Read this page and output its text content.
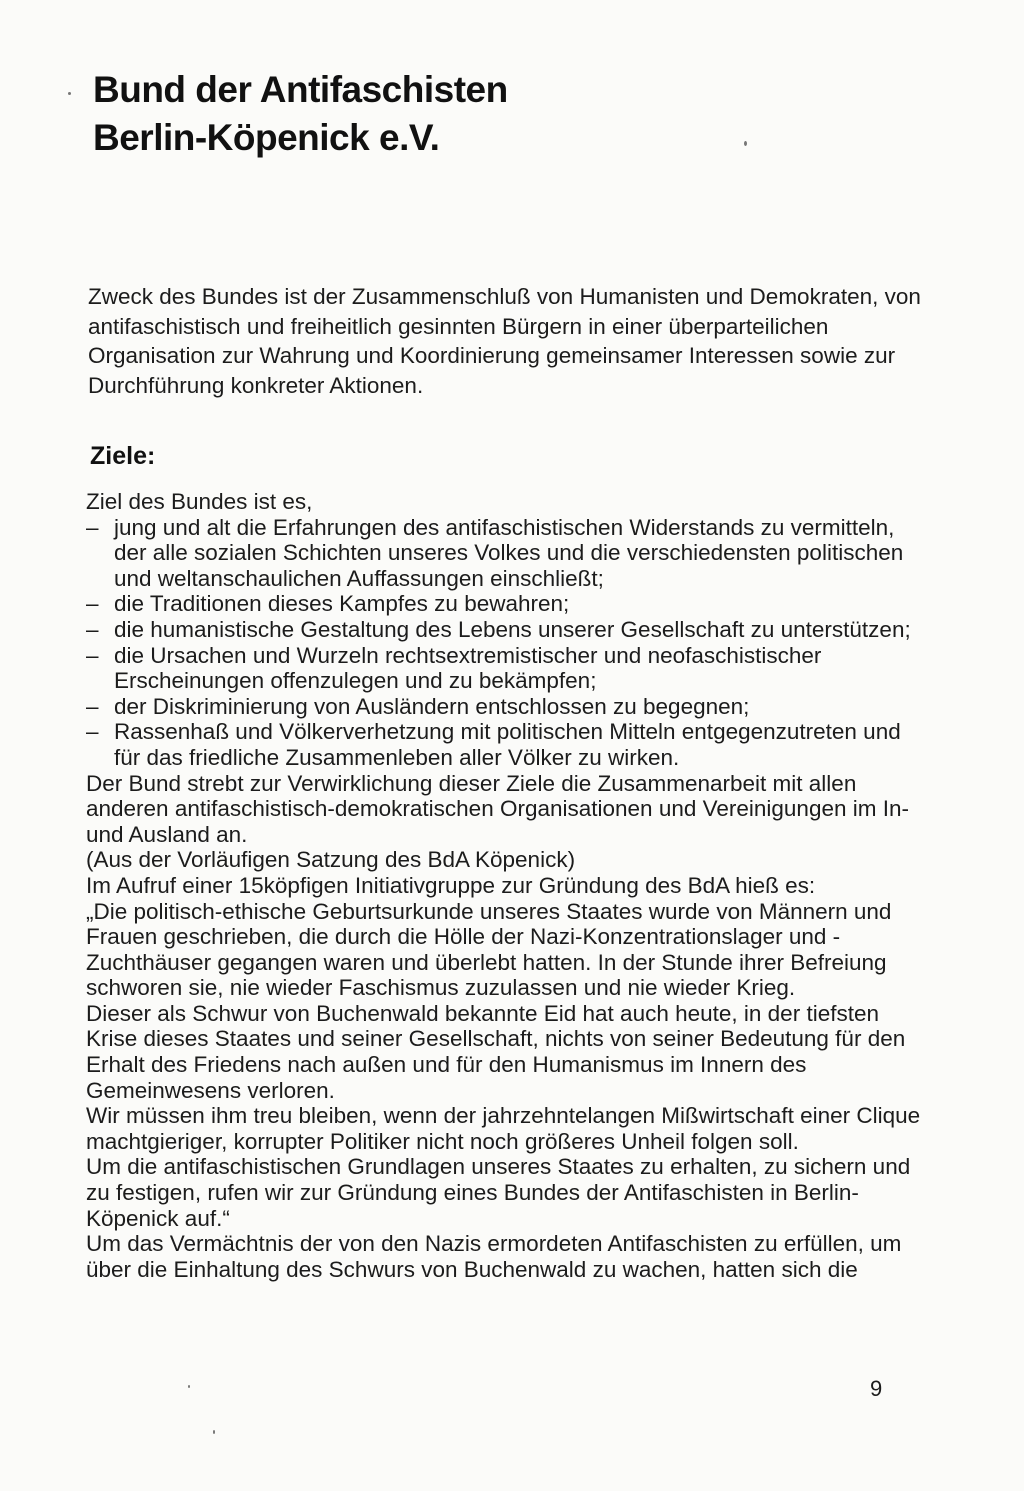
Bund der Antifaschisten
Berlin-Köpenick e.V.

Zweck des Bundes ist der Zusammenschluß von Humanisten und Demokraten, von antifaschistisch und freiheitlich gesinnten Bürgern in einer überparteilichen Organisation zur Wahrung und Koordinierung gemeinsamer Interessen sowie zur Durchführung konkreter Aktionen.

Ziele:

Ziel des Bundes ist es,

– jung und alt die Erfahrungen des antifaschistischen Widerstands zu vermitteln, der alle sozialen Schichten unseres Volkes und die verschiedensten politischen und weltanschaulichen Auffassungen einschließt;
– die Traditionen dieses Kampfes zu bewahren;
– die humanistische Gestaltung des Lebens unserer Gesellschaft zu unterstützen;
– die Ursachen und Wurzeln rechtsextremistischer und neofaschistischer Erscheinungen offenzulegen und zu bekämpfen;
– der Diskriminierung von Ausländern entschlossen zu begegnen;
– Rassenhaß und Völkerverhetzung mit politischen Mitteln entgegenzutreten und für das friedliche Zusammenleben aller Völker zu wirken.

Der Bund strebt zur Verwirklichung dieser Ziele die Zusammenarbeit mit allen anderen antifaschistisch-demokratischen Organisationen und Vereinigungen im In- und Ausland an.

(Aus der Vorläufigen Satzung des BdA Köpenick)

Im Aufruf einer 15köpfigen Initiativgruppe zur Gründung des BdA hieß es:

„Die politisch-ethische Geburtsurkunde unseres Staates wurde von Männern und Frauen geschrieben, die durch die Hölle der Nazi-Konzentrationslager und -Zuchthäuser gegangen waren und überlebt hatten. In der Stunde ihrer Befreiung schworen sie, nie wieder Faschismus zuzulassen und nie wieder Krieg.

Dieser als Schwur von Buchenwald bekannte Eid hat auch heute, in der tiefsten Krise dieses Staates und seiner Gesellschaft, nichts von seiner Bedeutung für den Erhalt des Friedens nach außen und für den Humanismus im Innern des Gemeinwesens verloren.

Wir müssen ihm treu bleiben, wenn der jahrzehntelangen Mißwirtschaft einer Clique machtgieriger, korrupter Politiker nicht noch größeres Unheil folgen soll.

Um die antifaschistischen Grundlagen unseres Staates zu erhalten, zu sichern und zu festigen, rufen wir zur Gründung eines Bundes der Antifaschisten in Berlin-Köpenick auf.“

Um das Vermächtnis der von den Nazis ermordeten Antifaschisten zu erfüllen, um über die Einhaltung des Schwurs von Buchenwald zu wachen, hatten sich die

9
